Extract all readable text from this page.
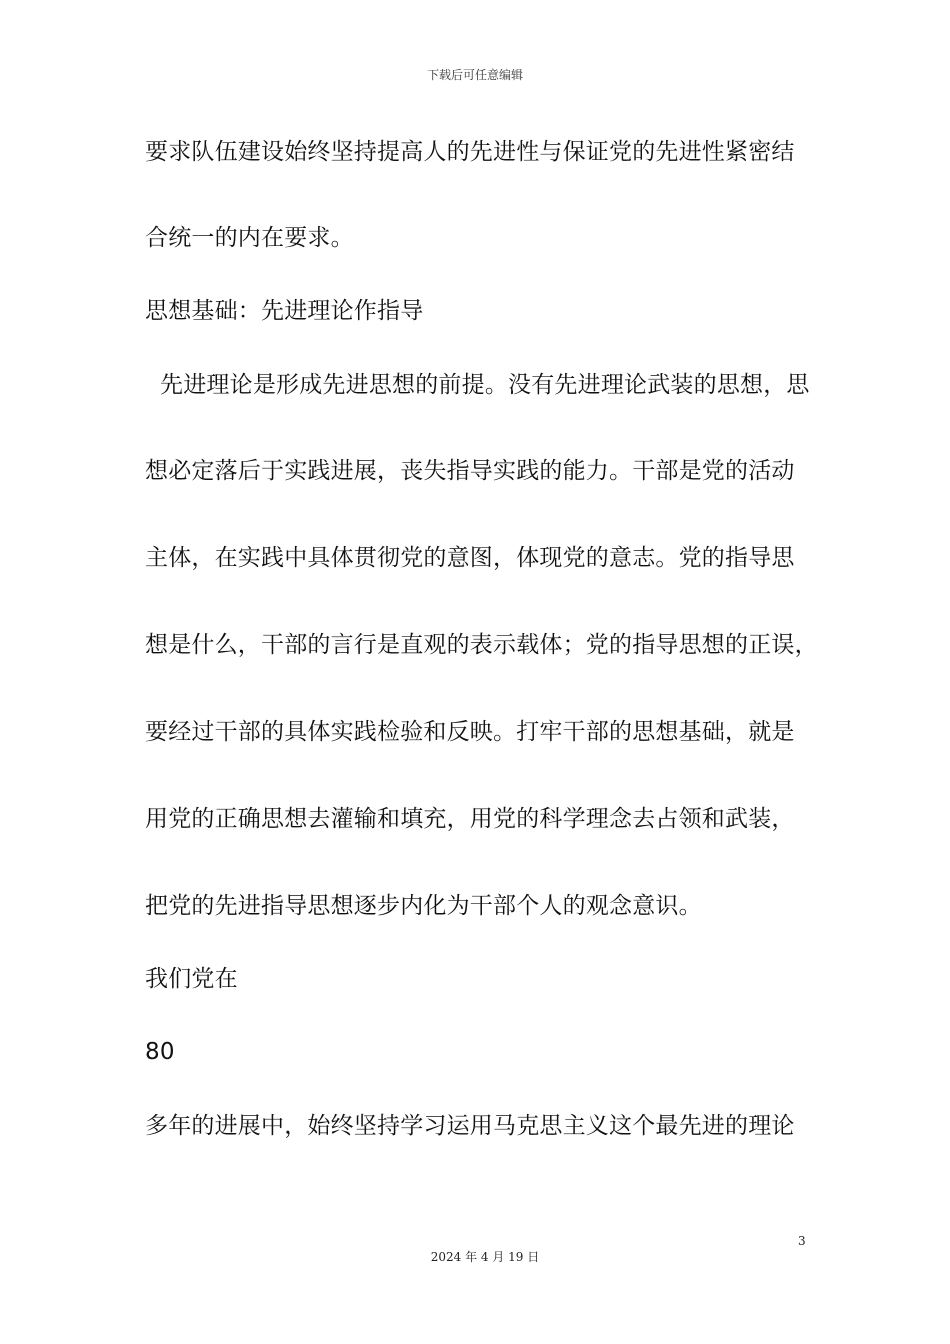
下载后可任意编辑
要求队伍建设始终坚持提高人的先进性与保证党的先进性紧密结
合统一的内在要求。
思想基础：先进理论作指导
先进理论是形成先进思想的前提。没有先进理论武装的思想，思
想必定落后于实践进展，丧失指导实践的能力。干部是党的活动
主体，在实践中具体贯彻党的意图，体现党的意志。党的指导思
想是什么，干部的言行是直观的表示载体；党的指导思想的正误，
要经过干部的具体实践检验和反映。打牢干部的思想基础，就是
用党的正确思想去灌输和填充，用党的科学理念去占领和武装，
把党的先进指导思想逐步内化为干部个人的观念意识。
我们党在
80
多年的进展中，始终坚持学习运用马克思主义这个最先进的理论
3
2024 年 4 月 19 日
